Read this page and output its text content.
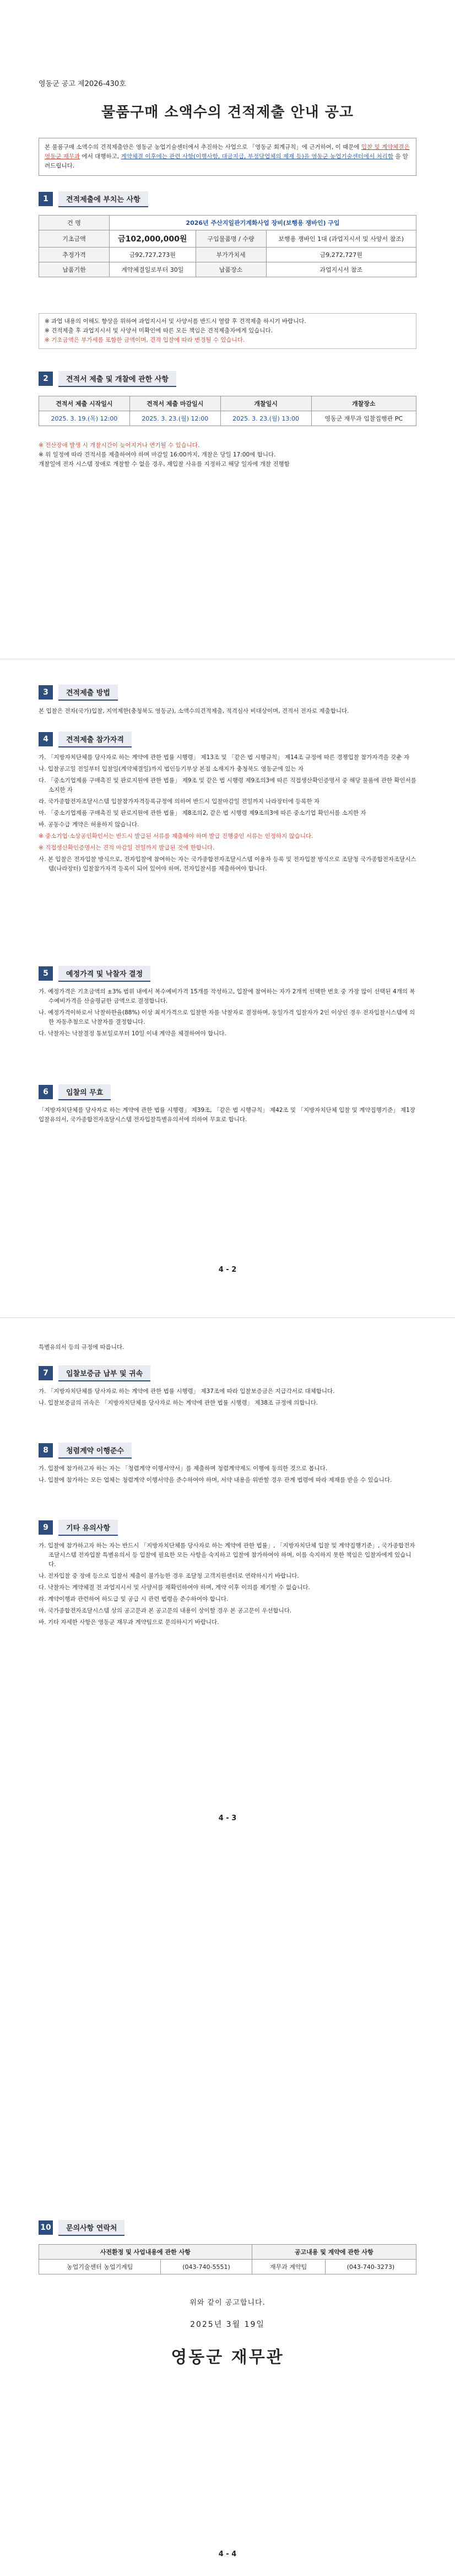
영동군 공고 제2026-430호
물품구매 소액수의 견적제출 안내 공고
본 물품구매 소액수의 견적제출안은 영동군 농업기술센터에서 추진하는 사업으로 「영동군 회계규칙」에 근거하여, 이 때문에 입찰 및 계약체결은 영동군 재무과 에서 대행하고, 계약체결 이후에는 관련 사항(이행사항, 대금지급, 부정당업체의 제재 등)을 영동군 농업기술센터에서 처리함 을 알려드립니다.
1	견적제출에 부치는 사항
건 명	2026년 주산지일관기계화사업 장비(보행용 쟁바인) 구입		
기초금액	금102,000,000원	구입물품명 / 수량	보행용 쟁바인 1대 (과업지시서 및 사양서 참조)
추정가격	금92,727,273원	부가가치세	금9,272,727원
납품기한	계약체결일로부터 30일	납품장소	과업지시서 참조
※ 과업 내용의 이해도 향상을 위하여 과업지시서 및 사양서를 반드시 열람 후 견적제출 하시기 바랍니다.
※ 견적제출 후 과업지시서 및 사양서 미확인에 따른 모든 책임은 견적제출자에게 있습니다.
※ 기초금액은 부가세를 포함한 금액이며, 견적 입찰에 따라 변경될 수 있습니다.
2	견적서 제출 및 개찰에 관한 사항
견적서 제출 시작일시	견적서 제출 마감일시	개찰일시	개찰장소
2025. 3. 19.(목) 12:00	2025. 3. 23.(월) 12:00	2025. 3. 23.(월) 13:00	영동군 재무과 입찰집행관 PC
※ 전산장애 발생 시 개찰시간이 늦어지거나 연기될 수 있습니다.
※ 위 일정에 따라 견적서를 제출하여야 하며 마감일 16:00까지, 개찰은 당일 17:00에 합니다.
개찰일에 전자 시스템 장애로 개찰할 수 없을 경우, 재입찰 사유를 지정하고 해당 일자에 개찰 진행함
3	견적제출 방법
본 입찰은 전자(국가)입찰, 지역제한(충청북도 영동군), 소액수의견적제출, 적격심사 비대상이며, 견적서 전자로 제출합니다.
4	견적제출 참가자격

가. 「지방자치단체를 당사자로 하는 계약에 관한 법률 시행령」 제13조 및 「같은 법 시행규칙」 제14조 규정에 따른 경쟁입찰 참가자격을 갖춘 자

나. 입찰공고일 전일부터 입찰일(계약체결일)까지 법인등기부상 본점 소재지가 충청북도 영동군에 있는 자

다. 「중소기업제품 구매촉진 및 판로지원에 관한 법률」 제9조 및 같은 법 시행령 제9조의3에 따른 직접생산확인증명서 중 해당 물품에 관한 확인서를 소지한 자

라. 국가종합전자조달시스템 입찰참가자격등록규정에 의하여 반드시 입찰마감일 전일까지 나라장터에 등록한 자

마. 「중소기업제품 구매촉진 및 판로지원에 관한 법률」 제8조의2, 같은 법 시행령 제9조의3에 따른 중소기업 확인서를 소지한 자

바. 공동수급 계약은 허용하지 않습니다.

※ 중소기업·소상공인확인서는 반드시 발급된 서류를 제출해야 하며 발급 진행중인 서류는 인정하지 않습니다.

※ 직접생산확인증명서는 견적 마감일 전일까지 발급된 것에 한합니다.

사. 본 입찰은 전자입찰 방식으로, 전자입찰에 참여하는 자는 국가종합전자조달시스템 이용자 등록 및 전자입찰 방식으로 조달청 국가종합전자조달시스템(나라장터) 입찰참가자격 등록이 되어 있어야 하며, 전자입찰서를 제출하여야 합니다.

5	예정가격 및 낙찰자 결정

가. 예정가격은 기초금액의 ±3% 범위 내에서 복수예비가격 15개를 작성하고, 입찰에 참여하는 자가 2개씩 선택한 번호 중 가장 많이 선택된 4개의 복수예비가격을 산술평균한 금액으로 결정합니다.

나. 예정가격이하로서 낙찰하한율(88%) 이상 최저가격으로 입찰한 자를 낙찰자로 결정하며, 동일가격 입찰자가 2인 이상인 경우 전자입찰시스템에 의한 자동추첨으로 낙찰자를 결정합니다.

다. 낙찰자는 낙찰결정 통보일로부터 10일 이내 계약을 체결하여야 합니다.

6	입찰의 무효
「지방자치단체를 당사자로 하는 계약에 관한 법률 시행령」 제39조, 「같은 법 시행규칙」 제42조 및 「지방자치단체 입찰 및 계약집행기준」 제1장 입찰유의서, 국가종합전자조달시스템 전자입찰특별유의서에 의하여 무효로 합니다.
4 - 2
특별유의서 등의 규정에 따릅니다.
7	입찰보증금 납부 및 귀속

가. 「지방자치단체를 당사자로 하는 계약에 관한 법률 시행령」 제37조에 따라 입찰보증금은 지급각서로 대체합니다.

나. 입찰보증금의 귀속은 「지방자치단체를 당사자로 하는 계약에 관한 법률 시행령」 제38조 규정에 의합니다.

8	청렴계약 이행준수

가. 입찰에 참가하고자 하는 자는 「청렴계약 이행서약서」를 제출하며 청렴계약제도 이행에 동의한 것으로 봅니다.

나. 입찰에 참가하는 모든 업체는 청렴계약 이행서약을 준수하여야 하며, 서약 내용을 위반할 경우 관계 법령에 따라 제재를 받을 수 있습니다.

9	기타 유의사항

가. 입찰에 참가하고자 하는 자는 반드시 「지방자치단체를 당사자로 하는 계약에 관한 법률」, 「지방자치단체 입찰 및 계약집행기준」, 국가종합전자조달시스템 전자입찰 특별유의서 등 입찰에 필요한 모든 사항을 숙지하고 입찰에 참가하여야 하며, 이를 숙지하지 못한 책임은 입찰자에게 있습니다.

나. 전자입찰 중 장애 등으로 입찰서 제출이 불가능한 경우 조달청 고객지원센터로 연락하시기 바랍니다.

다. 낙찰자는 계약체결 전 과업지시서 및 사양서를 재확인하여야 하며, 계약 이후 이의를 제기할 수 없습니다.

라. 계약이행과 관련하여 하도급 및 공급 시 관련 법령을 준수하여야 합니다.

마. 국가종합전자조달시스템 상의 공고문과 본 공고문의 내용이 상이할 경우 본 공고문이 우선합니다.

바. 기타 자세한 사항은 영동군 재무과 계약팀으로 문의하시기 바랍니다.

4 - 3
10	문의사항 연락처
사전환정 및 사업내용에 관한 사항		공고내용 및 계약에 관한 사항	
농업기술센터 농업기계팀	(043-740-5551)	재무과 계약팀	(043-740-3273)
위와 같이 공고합니다.
2025년 3월 19일
영동군 재무관
4 - 4
